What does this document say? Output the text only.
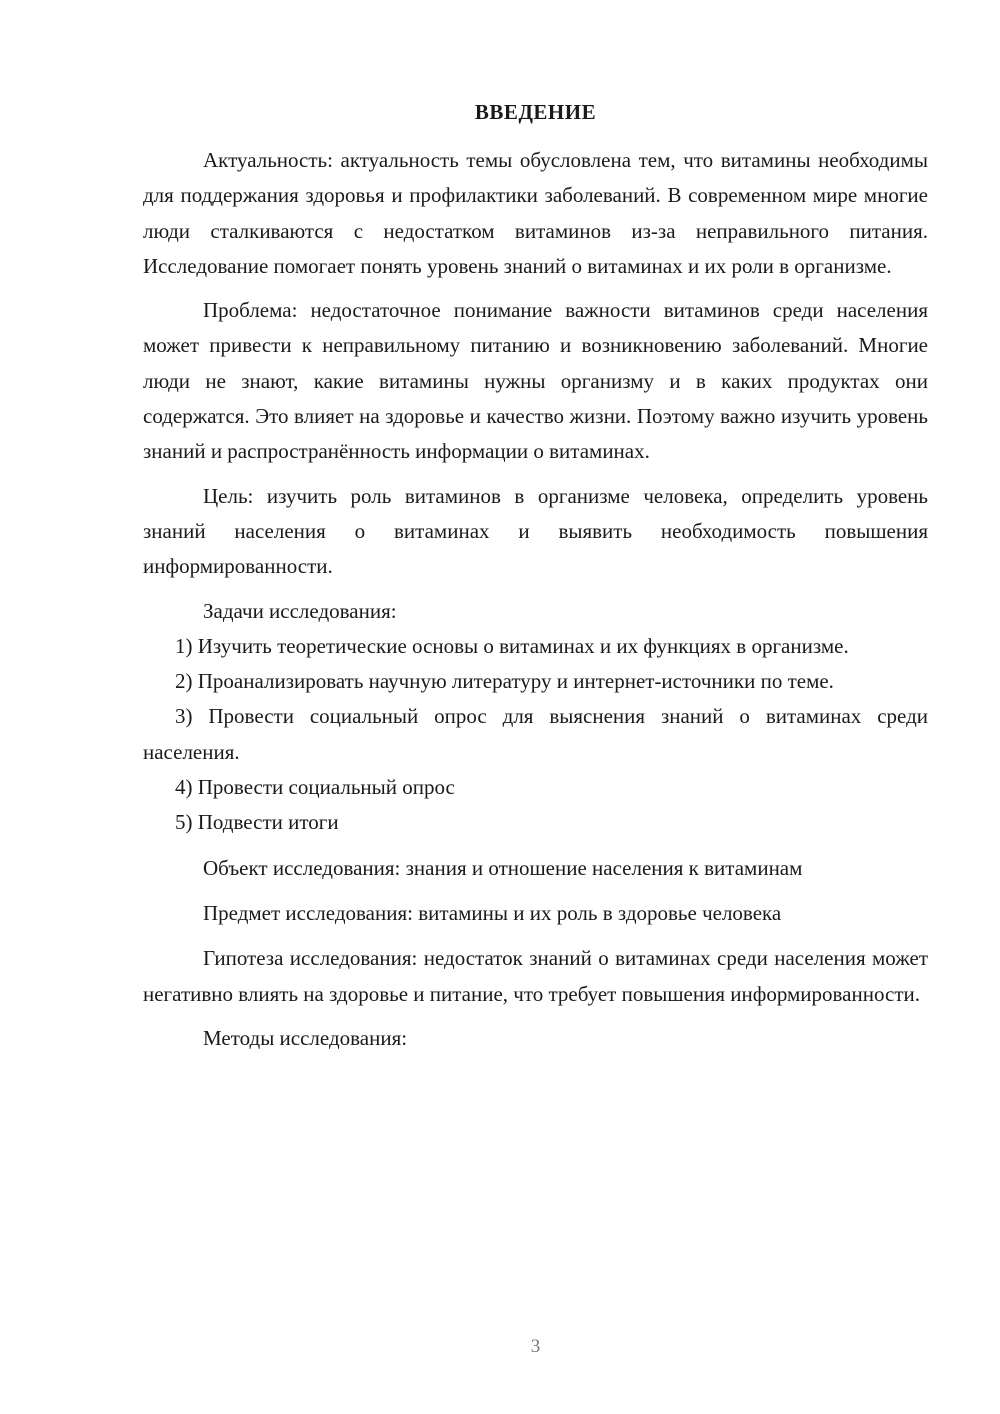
ВВЕДЕНИЕ

Актуальность: актуальность темы обусловлена тем, что витамины необходимы для поддержания здоровья и профилактики заболеваний. В современном мире многие люди сталкиваются с недостатком витаминов из-за неправильного питания. Исследование помогает понять уровень знаний о витаминах и их роли в организме.

Проблема: недостаточное понимание важности витаминов среди населения может привести к неправильному питанию и возникновению заболеваний. Многие люди не знают, какие витамины нужны организму и в каких продуктах они содержатся. Это влияет на здоровье и качество жизни. Поэтому важно изучить уровень знаний и распространённость информации о витаминах.

Цель: изучить роль витаминов в организме человека, определить уровень знаний населения о витаминах и выявить необходимость повышения информированности.

Задачи исследования:

1) Изучить теоретические основы о витаминах и их функциях в организме.

2) Проанализировать научную литературу и интернет-источники по теме.

3) Провести социальный опрос для выяснения знаний о витаминах среди населения.

4) Провести социальный опрос

5) Подвести итоги

Объект исследования: знания и отношение населения к витаминам

Предмет исследования: витамины и их роль в здоровье человека

Гипотеза исследования: недостаток знаний о витаминах среди населения может негативно влиять на здоровье и питание, что требует повышения информированности.

Методы исследования:

3
